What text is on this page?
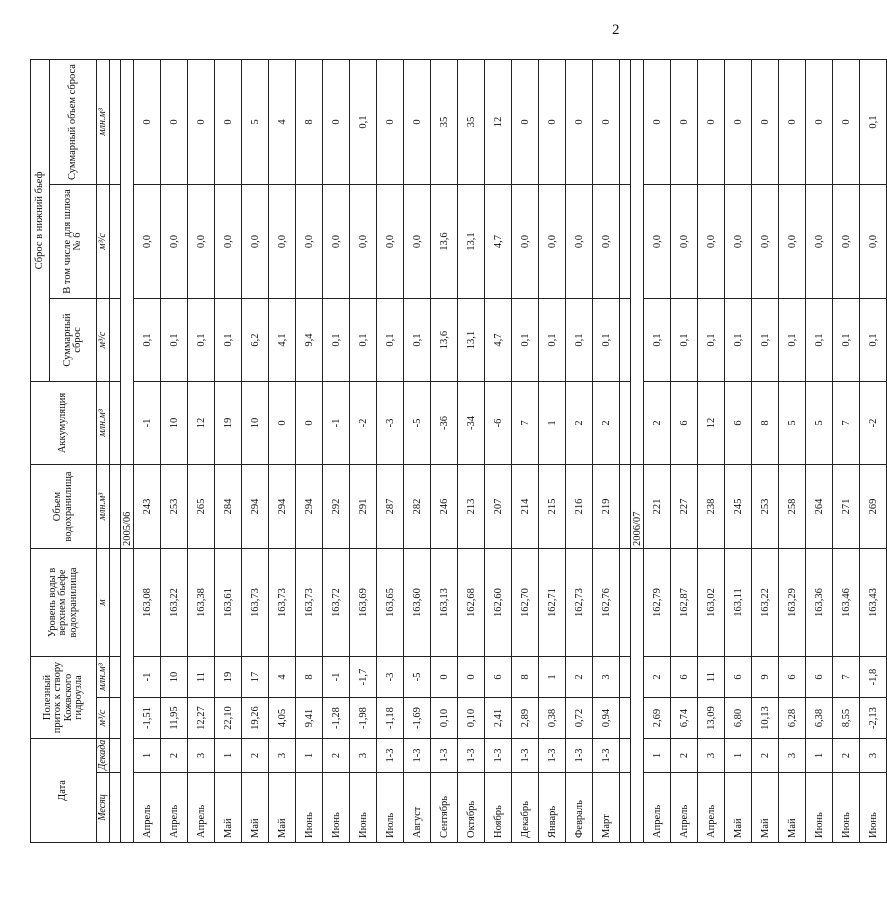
2
Дата		Полезный приток к створу Кожвского гидроузла		Уровень воды в верхнем бьефе водохранилища	Объем водохранилища	Аккумуляция	Сброс в нижний бьеф		
							Суммарный сброс	В том числе для шлюза № 6	Суммарный объем сброса
Месяц	Декада	м³/с	млн.м³	м	млн.м³	млн.м³	м³/с	м³/с	млн.м³

					2005/06				
Апрель	1	-1,51	-1	163,08	243	-1	0,1	0,0	0
Апрель	2	11,95	10	163,22	253	10	0,1	0,0	0
Апрель	3	12,27	11	163,38	265	12	0,1	0,0	0
Май	1	22,10	19	163,61	284	19	0,1	0,0	0
Май	2	19,26	17	163,73	294	10	6,2	0,0	5
Май	3	4,05	4	163,73	294	0	4,1	0,0	4
Июнь	1	9,41	8	163,73	294	0	9,4	0,0	8
Июнь	2	-1,28	-1	163,72	292	-1	0,1	0,0	0
Июнь	3	-1,98	-1,7	163,69	291	-2	0,1	0,0	0,1
Июль	1-3	-1,18	-3	163,65	287	-3	0,1	0,0	0
Август	1-3	-1,69	-5	163,60	282	-5	0,1	0,0	0
Сентябрь	1-3	0,10	0	163,13	246	-36	13,6	13,6	35
Октябрь	1-3	0,10	0	162,68	213	-34	13,1	13,1	35
Ноябрь	1-3	2,41	6	162,60	207	-6	4,7	4,7	12
Декабрь	1-3	2,89	8	162,70	214	7	0,1	0,0	0
Январь	1-3	0,38	1	162,71	215	1	0,1	0,0	0
Февраль	1-3	0,72	2	162,73	216	2	0,1	0,0	0
Март	1-3	0,94	3	162,76	219	2	0,1	0,0	0

					2006/07				
Апрель	1	2,69	2	162,79	221	2	0,1	0,0	0
Апрель	2	6,74	6	162,87	227	6	0,1	0,0	0
Апрель	3	13,09	11	163,02	238	12	0,1	0,0	0
Май	1	6,80	6	163,11	245	6	0,1	0,0	0
Май	2	10,13	9	163,22	253	8	0,1	0,0	0
Май	3	6,28	6	163,29	258	5	0,1	0,0	0
Июнь	1	6,38	6	163,36	264	5	0,1	0,0	0
Июнь	2	8,55	7	163,46	271	7	0,1	0,0	0
Июнь	3	-2,13	-1,8	163,43	269	-2	0,1	0,0	0,1
